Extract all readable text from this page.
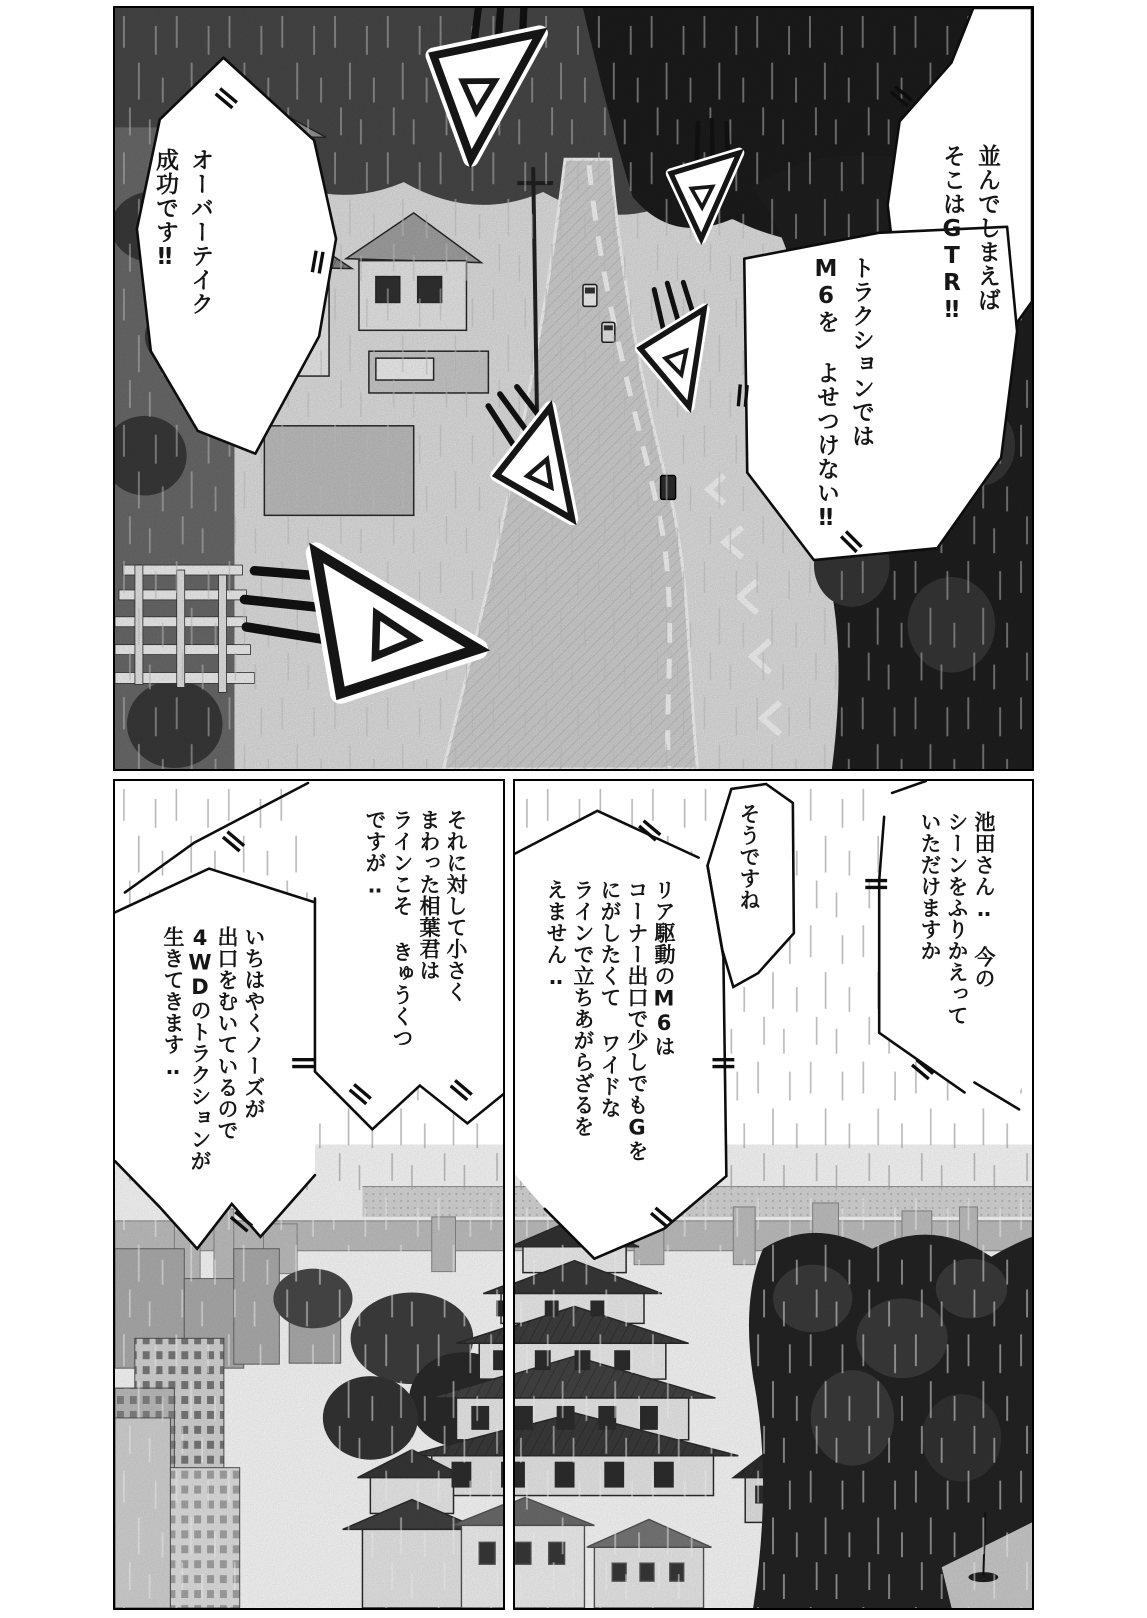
並んでしまえば
そこはGTR‼
トラクションでは
M6を よせつけない‼
オーバーテイク
成功です‼
それに対して小さく
まわった相葉君は
ラインこそ きゅうくつ
ですが‥
いちはやくノーズが
出口をむいているので
4WDのトラクションが
生きてきます‥
池田さん‥ 今の
シーンをふりかえって
いただけますか
そうですね
リア駆動のM6は
コーナー出口で少しでもGを
にがしたくて ワイドな
ラインで立ちあがらざるを
えません‥
